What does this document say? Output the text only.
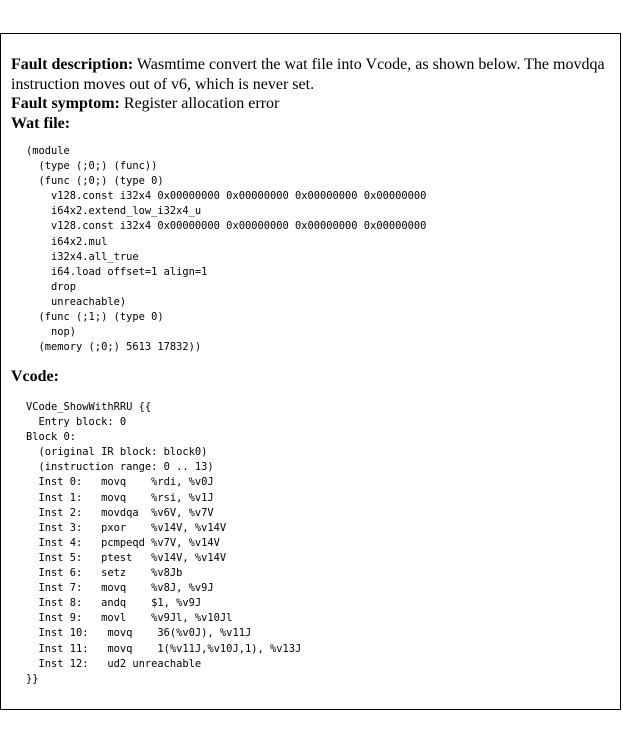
Fault description: Wasmtime convert the wat file into Vcode, as shown below. The movdqa instruction moves out of v6, which is never set.

Fault symptom: Register allocation error

Wat file:

(module
(type (;0;) (func))
(func (;0;) (type 0)
v128.const i32x4 0x00000000 0x00000000 0x00000000 0x00000000
i64x2.extend_low_i32x4_u
v128.const i32x4 0x00000000 0x00000000 0x00000000 0x00000000
i64x2.mul
i32x4.all_true
i64.load offset=1 align=1
drop
unreachable)
(func (;1;) (type 0)
nop)
(memory (;0;) 5613 17832))

Vcode:

VCode_ShowWithRRU {{
Entry block: 0
Block 0:
(original IR block: block0)
(instruction range: 0 .. 13)
Inst 0:   movq    %rdi, %v0J
Inst 1:   movq    %rsi, %v1J
Inst 2:   movdqa  %v6V, %v7V
Inst 3:   pxor    %v14V, %v14V
Inst 4:   pcmpeqd %v7V, %v14V
Inst 5:   ptest   %v14V, %v14V
Inst 6:   setz    %v8Jb
Inst 7:   movq    %v8J, %v9J
Inst 8:   andq    $1, %v9J
Inst 9:   movl    %v9Jl, %v10Jl
Inst 10:   movq    36(%v0J), %v11J
Inst 11:   movq    1(%v11J,%v10J,1), %v13J
Inst 12:   ud2 unreachable
}}
